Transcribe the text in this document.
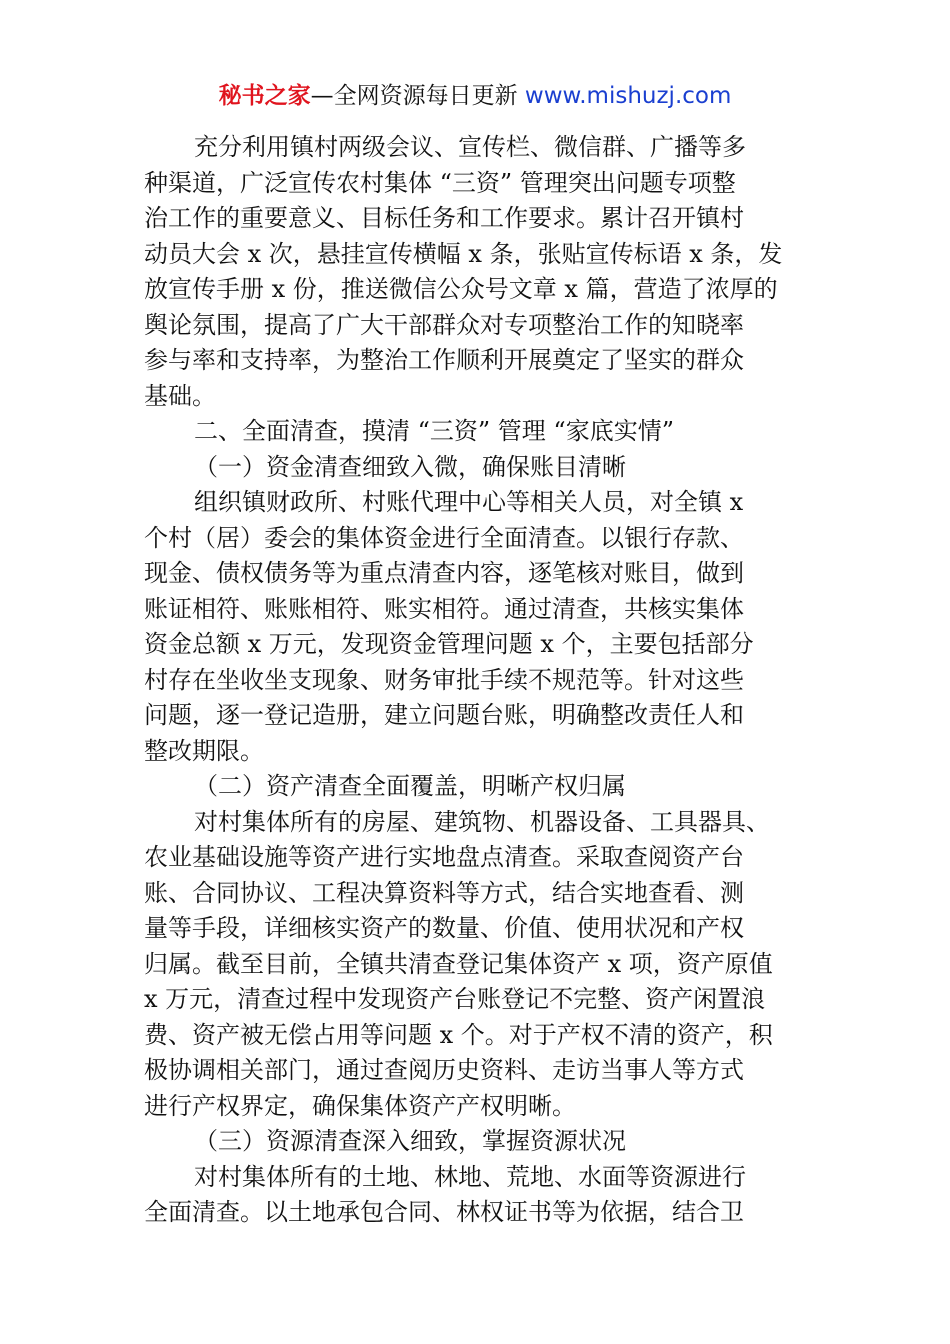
秘书之家—全网资源每日更新 www.mishuzj.com
充分利用镇村两级会议、宣传栏、微信群、广播等多
种渠道，广泛宣传农村集体 “三资” 管理突出问题专项整
治工作的重要意义、目标任务和工作要求。累计召开镇村
动员大会 x 次，悬挂宣传横幅 x 条，张贴宣传标语 x 条，发
放宣传手册 x 份，推送微信公众号文章 x 篇，营造了浓厚的
舆论氛围，提高了广大干部群众对专项整治工作的知晓率
参与率和支持率，为整治工作顺利开展奠定了坚实的群众
基础。
二、全面清查，摸清 “三资” 管理 “家底实情”
（一）资金清查细致入微，确保账目清晰
组织镇财政所、村账代理中心等相关人员，对全镇 x
个村（居）委会的集体资金进行全面清查。以银行存款、
现金、债权债务等为重点清查内容，逐笔核对账目，做到
账证相符、账账相符、账实相符。通过清查，共核实集体
资金总额 x 万元，发现资金管理问题 x 个，主要包括部分
村存在坐收坐支现象、财务审批手续不规范等。针对这些
问题，逐一登记造册，建立问题台账，明确整改责任人和
整改期限。
（二）资产清查全面覆盖，明晰产权归属
对村集体所有的房屋、建筑物、机器设备、工具器具、
农业基础设施等资产进行实地盘点清查。采取查阅资产台
账、合同协议、工程决算资料等方式，结合实地查看、测
量等手段，详细核实资产的数量、价值、使用状况和产权
归属。截至目前，全镇共清查登记集体资产 x 项，资产原值
x 万元，清查过程中发现资产台账登记不完整、资产闲置浪
费、资产被无偿占用等问题 x 个。对于产权不清的资产，积
极协调相关部门，通过查阅历史资料、走访当事人等方式
进行产权界定，确保集体资产产权明晰。
（三）资源清查深入细致，掌握资源状况
对村集体所有的土地、林地、荒地、水面等资源进行
全面清查。以土地承包合同、林权证书等为依据，结合卫
